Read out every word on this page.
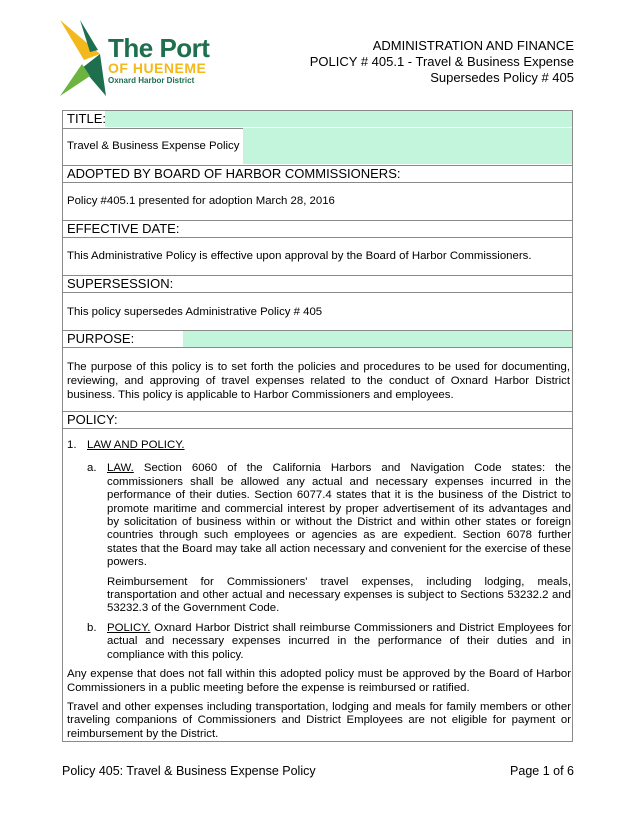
The Port
OF HUENEME
Oxnard Harbor District
ADMINISTRATION AND FINANCE
POLICY # 405.1 - Travel & Business Expense
Supersedes Policy # 405
TITLE:
Travel & Business Expense Policy
ADOPTED BY BOARD OF HARBOR COMMISSIONERS:
Policy #405.1 presented for adoption March 28, 2016
EFFECTIVE DATE:
This Administrative Policy is effective upon approval by the Board of Harbor Commissioners.
SUPERSESSION:
This policy supersedes Administrative Policy # 405
PURPOSE:
The purpose of this policy is to set forth the policies and procedures to be used for documenting, reviewing, and approving of travel expenses related to the conduct of Oxnard Harbor District business. This policy is applicable to Harbor Commissioners and employees.
POLICY:
1. LAW AND POLICY.
a. LAW. Section 6060 of the California Harbors and Navigation Code states: the commissioners shall be allowed any actual and necessary expenses incurred in the performance of their duties. Section 6077.4 states that it is the business of the District to promote maritime and commercial interest by proper advertisement of its advantages and by solicitation of business within or without the District and within other states or foreign countries through such employees or agencies as are expedient. Section 6078 further states that the Board may take all action necessary and convenient for the exercise of these powers.

Reimbursement for Commissioners' travel expenses, including lodging, meals, transportation and other actual and necessary expenses is subject to Sections 53232.2 and 53232.3 of the Government Code.

b. POLICY. Oxnard Harbor District shall reimburse Commissioners and District Employees for actual and necessary expenses incurred in the performance of their duties and in compliance with this policy.

Any expense that does not fall within this adopted policy must be approved by the Board of Harbor Commissioners in a public meeting before the expense is reimbursed or ratified.

Travel and other expenses including transportation, lodging and meals for family members or other traveling companions of Commissioners and District Employees are not eligible for payment or reimbursement by the District.

Policy 405: Travel & Business Expense Policy	Page 1 of 6
